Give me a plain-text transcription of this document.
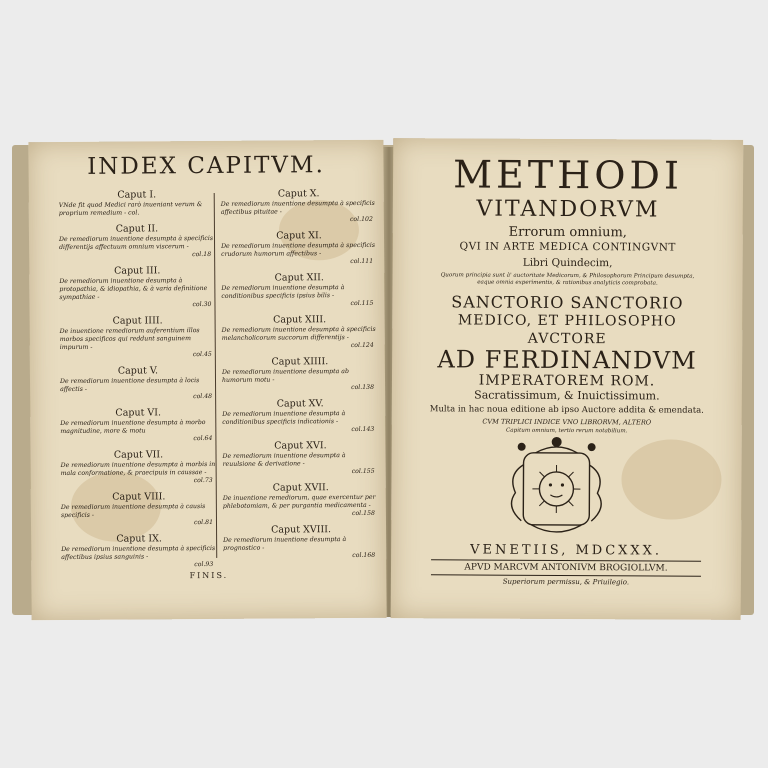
INDEX CAPITVM.
Caput I.
VNde fit quod Medici rarò inueniant verum & proprium remedium - col.
Caput II.
De remediorum inuentione desumpta à specificis differentijs affectuum omnium viscerum -
col.18
Caput III.
De remediorum inuentione desumpta à protopathia, & idiopathia, & à varia definitione sympathiae -
col.30
Caput IIII.
De inuentione remediorum auferentium illos morbos specificos qui reddunt sanguinem impurum -
col.45
Caput V.
De remediorum inuentione desumpta à locis affectis -
col.48
Caput VI.
De remediorum inuentione desumpta à morbo magnitudine, more & motu
col.64
Caput VII.
De remediorum inuentione desumpta à morbis in mala conformatione, & praecipuis in caussae -
col.73
Caput VIII.
De remediorum inuentione desumpta à causis specificis -
col.81
Caput IX.
De remediorum inuentione desumpta à specificis affectibus ipsius sanguinis -
col.93
Caput X.
De remediorum inuentione desumpta à specificis affectibus pituitae -
col.102
Caput XI.
De remediorum inuentione desumpta à specificis crudorum humorum affectibus -
col.111
Caput XII.
De remediorum inuentione desumpta à conditionibus specificis ipsius bilis -
col.115
Caput XIII.
De remediorum inuentione desumpta à specificis melancholicorum succorum differentijs -
col.124
Caput XIIII.
De remediorum inuentione desumpta ab humorum motu -
col.138
Caput XV.
De remediorum inuentione desumpta à conditionibus specificis indicationis -
col.143
Caput XVI.
De remediorum inuentione desumpta à reuulsione & derivatione -
col.155
Caput XVII.
De inuentione remediorum, quae exercentur per phlebotomiam, & per purgantia medicamenta -
col.158
Caput XVIII.
De remediorum inuentione desumpta à prognostico -
col.168
FINIS.
METHODI
VITANDORVM
Errorum omnium,
QVI IN ARTE MEDICA CONTINGVNT
Libri Quindecim,
Quorum principia sunt à' auctoritate Medicorum, & Philosophorum Principum desumpta,
eaque omnia experimentis, & rationibus analyticis comprobata.
SANCTORIO SANCTORIO
MEDICO, ET PHILOSOPHO
AVCTORE
AD FERDINANDVM
IMPERATOREM ROM.
Sacratissimum, & Inuictissimum.
Multa in hac noua editione ab ipso Auctore addita & emendata.
CVM TRIPLICI INDICE VNO LIBRORVM, ALTERO
Capitum omnium, tertio rerum notabilium.
VENETIIS, MDCXXX.
APVD MARCVM ANTONIVM BROGIOLLVM.
Superiorum permissu, & Priuilegio.
